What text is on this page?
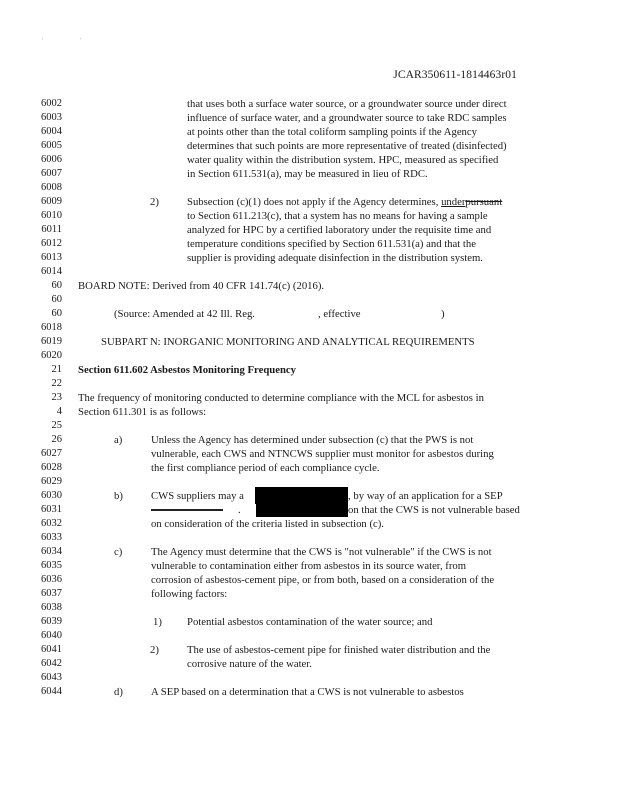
'	'
JCAR350611-1814463r01
6002	that uses both a surface water source, or a groundwater source under direct
6003	influence of surface water, and a groundwater source to take RDC samples
6004	at points other than the total coliform sampling points if the Agency
6005	determines that such points are more representative of treated (disinfected)
6006	water quality within the distribution system. HPC, measured as specified
6007	in Section 611.531(a), may be measured in lieu of RDC.
6008
6009	2)	Subsection (c)(1) does not apply if the Agency determines, underpursuant
6010	to Section 611.213(c), that a system has no means for having a sample
6011	analyzed for HPC by a certified laboratory under the requisite time and
6012	temperature conditions specified by Section 611.531(a) and that the
6013	supplier is providing adequate disinfection in the distribution system.
6014
60 BOARD NOTE: Derived from 40 CFR 141.74(c) (2016).
60
60	(Source: Amended at 42 Ill. Reg.	, effective	)
6018
6019	SUBPART N: INORGANIC MONITORING AND ANALYTICAL REQUIREMENTS
6020
21 Section 611.602 Asbestos Monitoring Frequency
22
23 The frequency of monitoring conducted to determine compliance with the MCL for asbestos in
4 Section 611.301 is as follows:
25
26	a)	Unless the Agency has determined under subsection (c) that the PWS is not
6027	vulnerable, each CWS and NTNCWS supplier must monitor for asbestos during
6028	the first compliance period of each compliance cycle.
6029
6030	b)	CWS suppliers may a	, by way of an application for a SEP
6031	.	on that the CWS is not vulnerable based
6032	on consideration of the criteria listed in subsection (c).
6033
6034	c)	The Agency must determine that the CWS is "not vulnerable" if the CWS is not
6035	vulnerable to contamination either from asbestos in its source water, from
6036	corrosion of asbestos-cement pipe, or from both, based on a consideration of the
6037	following factors:
6038
6039	1) Potential asbestos contamination of the water source; and
6040
6041	2)	The use of asbestos-cement pipe for finished water distribution and the
6042	corrosive nature of the water.
6043
6044	d)	A SEP based on a determination that a CWS is not vulnerable to asbestos
